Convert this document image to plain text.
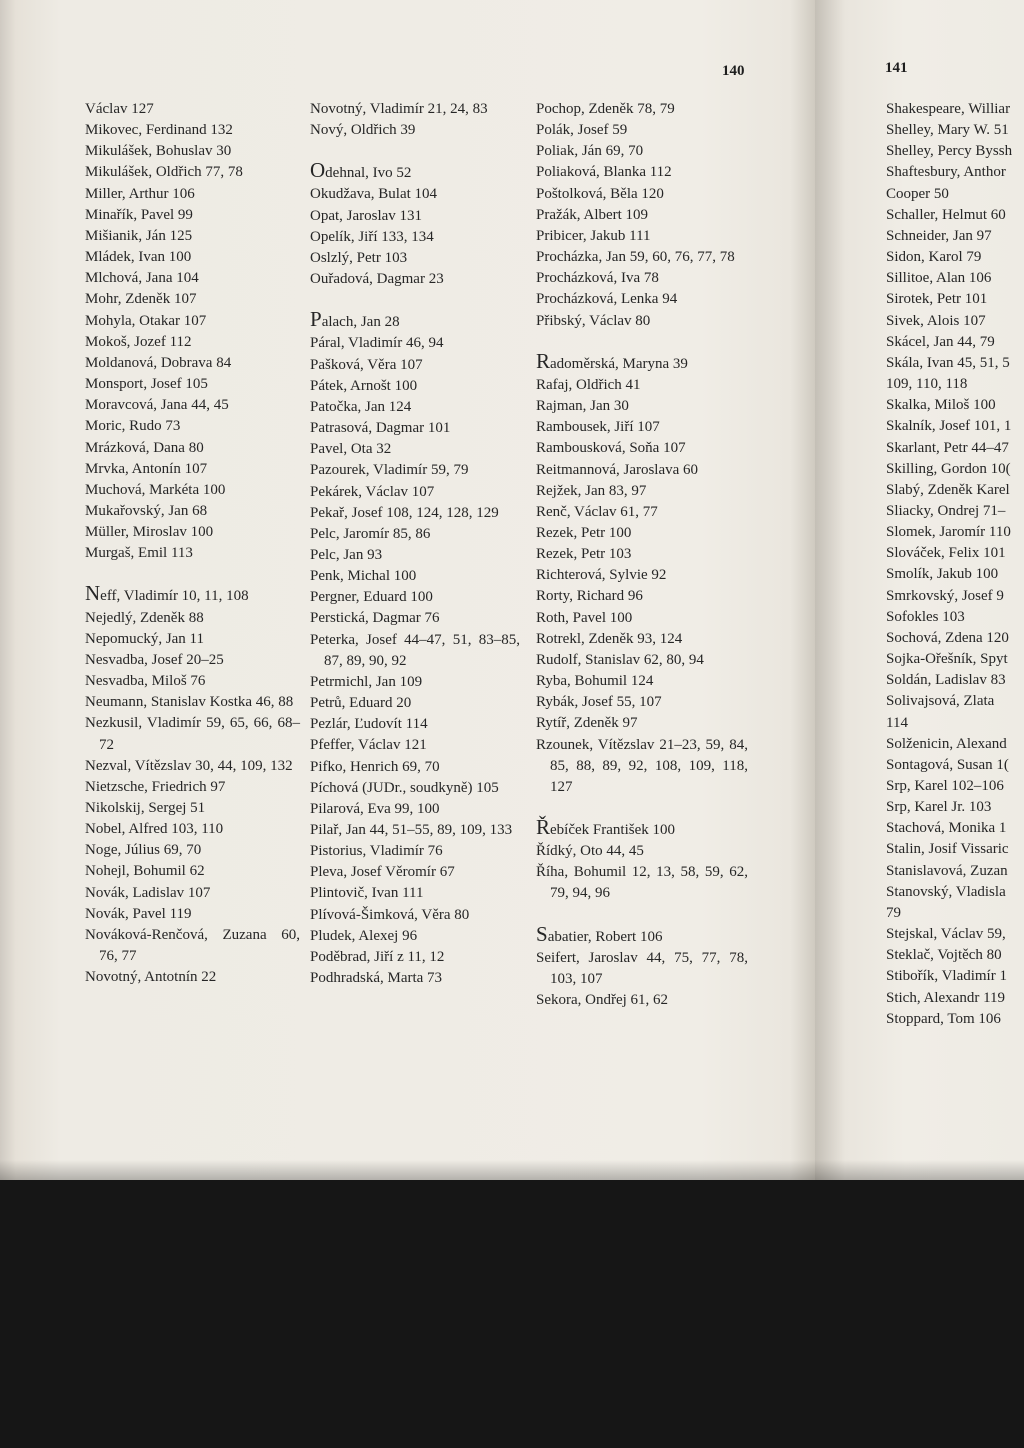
140
Václav 127
Mikovec, Ferdinand 132
Mikulášek, Bohuslav 30
Mikulášek, Oldřich 77, 78
Miller, Arthur 106
Minařík, Pavel 99
Mišianik, Ján 125
Mládek, Ivan 100
Mlchová, Jana 104
Mohr, Zdeněk 107
Mohyla, Otakar 107
Mokoš, Jozef 112
Moldanová, Dobrava 84
Monsport, Josef 105
Moravcová, Jana 44, 45
Moric, Rudo 73
Mrázková, Dana 80
Mrvka, Antonín 107
Muchová, Markéta 100
Mukařovský, Jan 68
Müller, Miroslav 100
Murgaš, Emil 113
Neff, Vladimír 10, 11, 108
Nejedlý, Zdeněk 88
Nepomucký, Jan 11
Nesvadba, Josef 20–25
Nesvadba, Miloš 76
Neumann, Stanislav Kostka 46, 88
Nezkusil, Vladimír 59, 65, 66, 68–72
Nezval, Vítězslav 30, 44, 109, 132
Nietzsche, Friedrich 97
Nikolskij, Sergej 51
Nobel, Alfred 103, 110
Noge, Július 69, 70
Nohejl, Bohumil 62
Novák, Ladislav 107
Novák, Pavel 119
Nováková-Renčová, Zuzana 60, 76, 77
Novotný, Antotnín 22
Novotný, Vladimír 21, 24, 83
Nový, Oldřich 39
Odehnal, Ivo 52
Okudžava, Bulat 104
Opat, Jaroslav 131
Opelík, Jiří 133, 134
Oslzlý, Petr 103
Ouřadová, Dagmar 23
Palach, Jan 28
Páral, Vladimír 46, 94
Pašková, Věra 107
Pátek, Arnošt 100
Patočka, Jan 124
Patrasová, Dagmar 101
Pavel, Ota 32
Pazourek, Vladimír 59, 79
Pekárek, Václav 107
Pekař, Josef 108, 124, 128, 129
Pelc, Jaromír 85, 86
Pelc, Jan 93
Penk, Michal 100
Pergner, Eduard 100
Perstická, Dagmar 76
Peterka, Josef 44–47, 51, 83–85, 87, 89, 90, 92
Petrmichl, Jan 109
Petrů, Eduard 20
Pezlár, Ľudovít 114
Pfeffer, Václav 121
Pifko, Henrich 69, 70
Píchová (JUDr., soudkyně) 105
Pilarová, Eva 99, 100
Pilař, Jan 44, 51–55, 89, 109, 133
Pistorius, Vladimír 76
Pleva, Josef Věromír 67
Plintovič, Ivan 111
Plívová-Šimková, Věra 80
Pludek, Alexej 96
Poděbrad, Jiří z 11, 12
Podhradská, Marta 73
Pochop, Zdeněk 78, 79
Polák, Josef 59
Poliak, Ján 69, 70
Poliaková, Blanka 112
Poštolková, Běla 120
Pražák, Albert 109
Pribicer, Jakub 111
Procházka, Jan 59, 60, 76, 77, 78
Procházková, Iva 78
Procházková, Lenka 94
Přibský, Václav 80
Radoměrská, Maryna 39
Rafaj, Oldřich 41
Rajman, Jan 30
Rambousek, Jiří 107
Rambousková, Soňa 107
Reitmannová, Jaroslava 60
Rejžek, Jan 83, 97
Renč, Václav 61, 77
Rezek, Petr 100
Rezek, Petr 103
Richterová, Sylvie 92
Rorty, Richard 96
Roth, Pavel 100
Rotrekl, Zdeněk 93, 124
Rudolf, Stanislav 62, 80, 94
Ryba, Bohumil 124
Rybák, Josef 55, 107
Rytíř, Zdeněk 97
Rzounek, Vítězslav 21–23, 59, 84, 85, 88, 89, 92, 108, 109, 118, 127
Řebíček František 100
Řídký, Oto 44, 45
Říha, Bohumil 12, 13, 58, 59, 62, 79, 94, 96
Sabatier, Robert 106
Seifert, Jaroslav 44, 75, 77, 78, 103, 107
Sekora, Ondřej 61, 62
141
Shakespeare, Williar
Shelley, Mary W. 51
Shelley, Percy Byssh
Shaftesbury, Anthor
Cooper 50
Schaller, Helmut 60
Schneider, Jan 97
Sidon, Karol 79
Sillitoe, Alan 106
Sirotek, Petr 101
Sivek, Alois 107
Skácel, Jan 44, 79
Skála, Ivan 45, 51, 5
109, 110, 118
Skalka, Miloš 100
Skalník, Josef 101, 1
Skarlant, Petr 44–47
Skilling, Gordon 10(
Slabý, Zdeněk Karel
Sliacky, Ondrej 71–
Slomek, Jaromír 110
Slováček, Felix 101
Smolík, Jakub 100
Smrkovský, Josef 9
Sofokles 103
Sochová, Zdena 120
Sojka-Ořešník, Spyt
Soldán, Ladislav 83
Solivajsová, Zlata
114
Solženicin, Alexand
Sontagová, Susan 1(
Srp, Karel 102–106
Srp, Karel Jr. 103
Stachová, Monika 1
Stalin, Josif Vissaric
Stanislavová, Zuzan
Stanovský, Vladisla
79
Stejskal, Václav 59,
Steklač, Vojtěch 80
Stibořík, Vladimír 1
Stich, Alexandr 119
Stoppard, Tom 106
